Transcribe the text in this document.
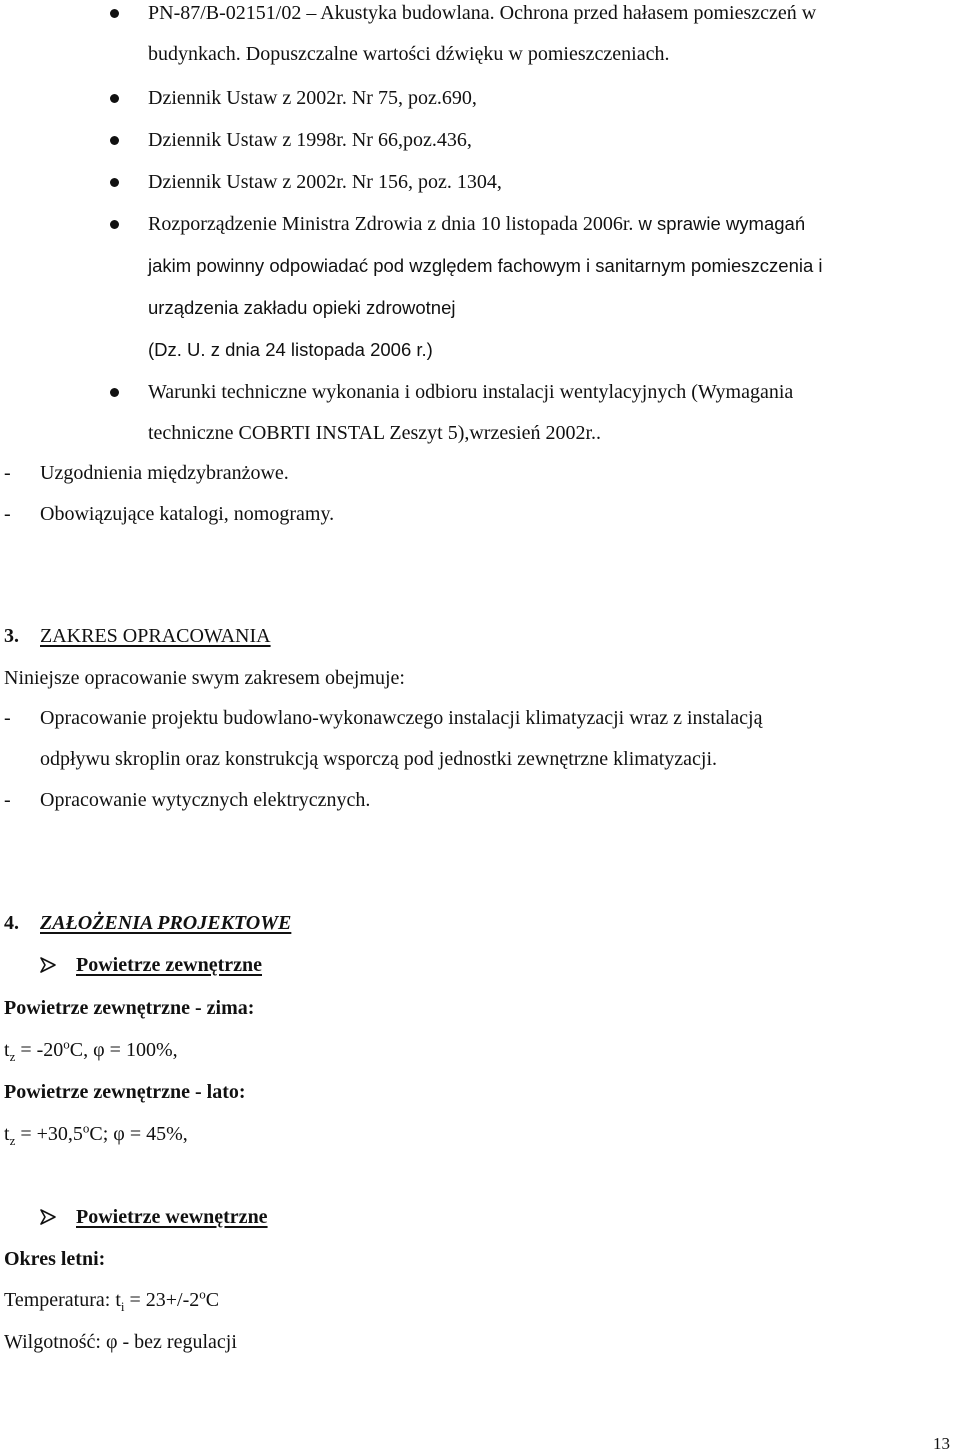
PN-87/B-02151/02 – Akustyka budowlana. Ochrona przed hałasem pomieszczeń w
budynkach. Dopuszczalne wartości dźwięku w pomieszczeniach.
Dziennik Ustaw z 2002r. Nr 75, poz.690,
Dziennik Ustaw z 1998r. Nr 66,poz.436,
Dziennik Ustaw z 2002r. Nr 156, poz. 1304,
Rozporządzenie Ministra Zdrowia z dnia 10 listopada 2006r. w sprawie wymagań
jakim powinny odpowiadać pod względem fachowym i sanitarnym pomieszczenia i
urządzenia zakładu opieki zdrowotnej
(Dz. U. z dnia 24 listopada 2006 r.)
Warunki techniczne wykonania i odbioru instalacji wentylacyjnych (Wymagania
techniczne COBRTI INSTAL Zeszyt 5),wrzesień 2002r..
- Uzgodnienia międzybranżowe.
- Obowiązujące katalogi, nomogramy.
3. ZAKRES OPRACOWANIA
Niniejsze opracowanie swym zakresem obejmuje:
- Opracowanie projektu budowlano-wykonawczego instalacji klimatyzacji wraz z instalacją
odpływu skroplin oraz konstrukcją wsporczą pod jednostki zewnętrzne klimatyzacji.
- Opracowanie wytycznych elektrycznych.
4. ZAŁOŻENIA PROJEKTOWE
Powietrze zewnętrzne
Powietrze zewnętrzne - zima:
$t_z = -20^oC$, φ = 100%,
Powietrze zewnętrzne - lato:
$t_z = +30,5^oC$; φ = 45%,
Powietrze wewnętrzne
Okres letni:
Temperatura: $t_i = 23+/-2^oC$
Wilgotność: φ - bez regulacji
13
